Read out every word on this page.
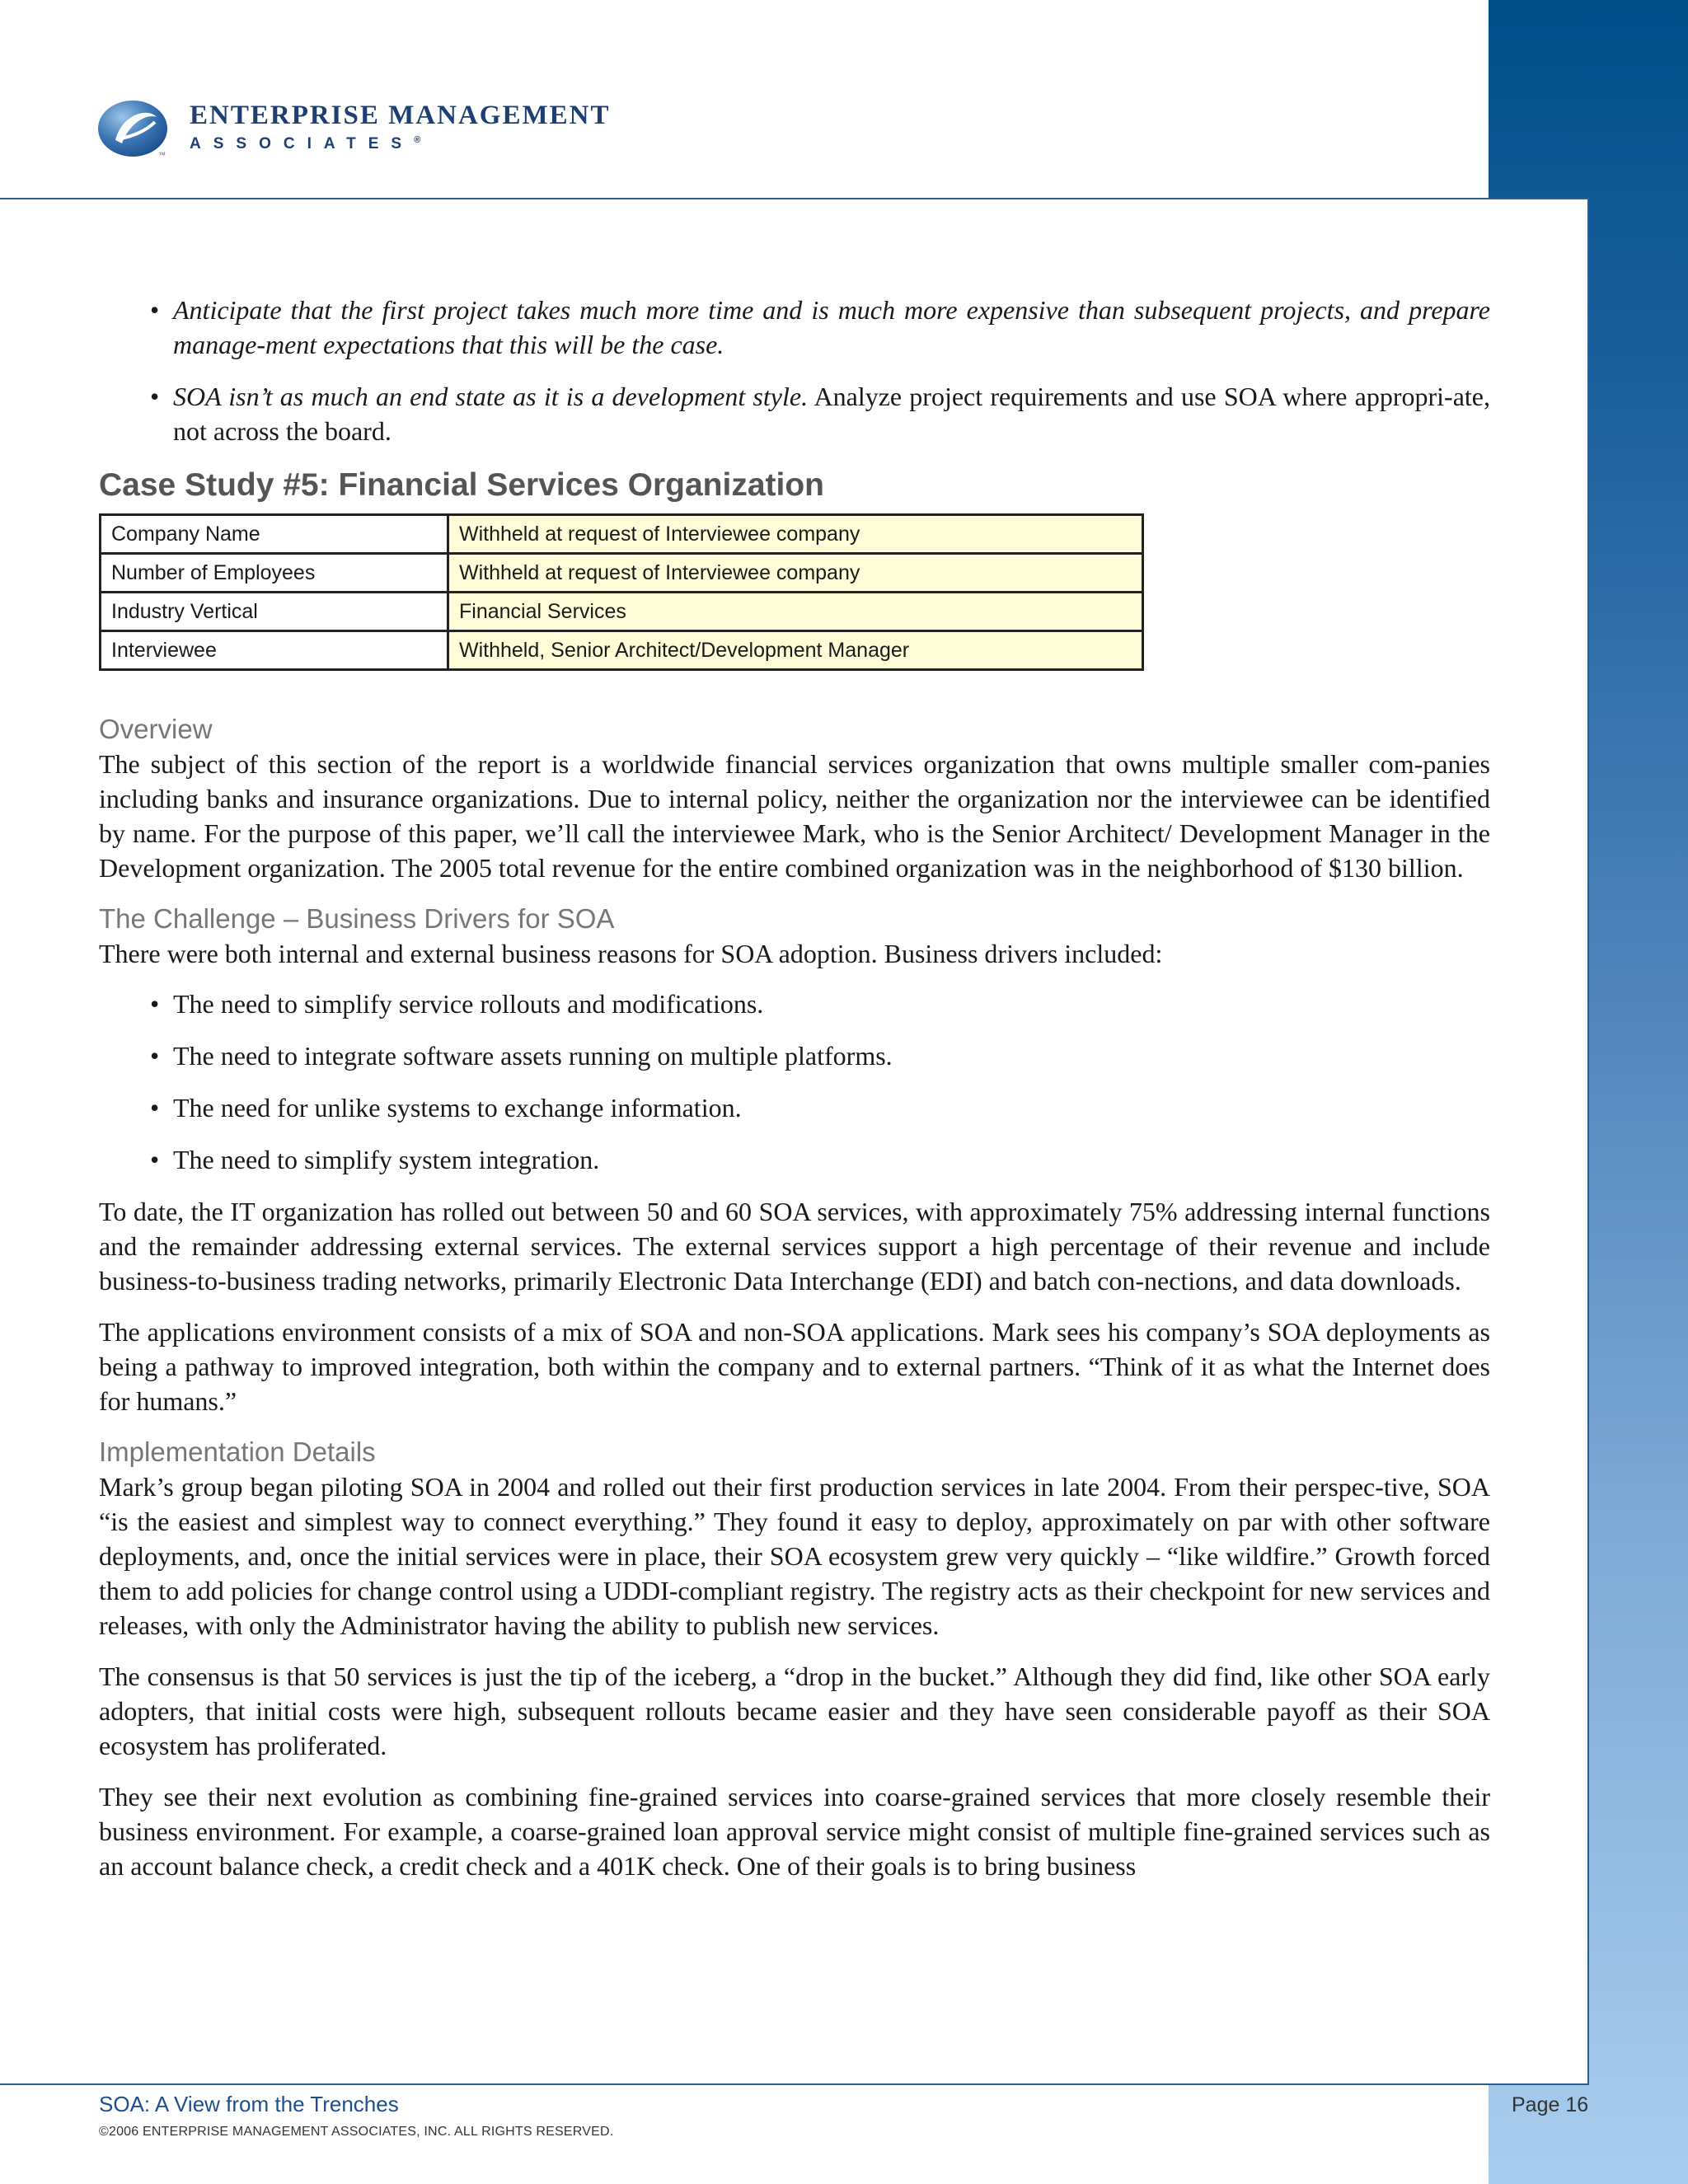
™
ENTERPRISE MANAGEMENT
ASSOCIATES®
• Anticipate that the first project takes much more time and is much more expensive than subsequent projects, and prepare manage-ment expectations that this will be the case.
• SOA isn’t as much an end state as it is a development style. Analyze project requirements and use SOA where appropri-ate, not across the board.
Case Study #5: Financial Services Organization
Company Name	Withheld at request of Interviewee company
Number of Employees	Withheld at request of Interviewee company
Industry Vertical	Financial Services
Interviewee	Withheld, Senior Architect/Development Manager
Overview

The subject of this section of the report is a worldwide financial services organization that owns multiple smaller com-panies including banks and insurance organizations. Due to internal policy, neither the organization nor the interviewee can be identified by name. For the purpose of this paper, we’ll call the interviewee Mark, who is the Senior Architect/ Development Manager in the Development organization. The 2005 total revenue for the entire combined organization was in the neighborhood of $130 billion.

The Challenge – Business Drivers for SOA

There were both internal and external business reasons for SOA adoption. Business drivers included:

• The need to simplify service rollouts and modifications.
• The need to integrate software assets running on multiple platforms.
• The need for unlike systems to exchange information.
• The need to simplify system integration.

To date, the IT organization has rolled out between 50 and 60 SOA services, with approximately 75% addressing internal functions and the remainder addressing external services. The external services support a high percentage of their revenue and include business-to-business trading networks, primarily Electronic Data Interchange (EDI) and batch con-nections, and data downloads.

The applications environment consists of a mix of SOA and non-SOA applications. Mark sees his company’s SOA deployments as being a pathway to improved integration, both within the company and to external partners. “Think of it as what the Internet does for humans.”

Implementation Details

Mark’s group began piloting SOA in 2004 and rolled out their first production services in late 2004. From their perspec-tive, SOA “is the easiest and simplest way to connect everything.” They found it easy to deploy, approximately on par with other software deployments, and, once the initial services were in place, their SOA ecosystem grew very quickly – “like wildfire.” Growth forced them to add policies for change control using a UDDI-compliant registry. The registry acts as their checkpoint for new services and releases, with only the Administrator having the ability to publish new services.

The consensus is that 50 services is just the tip of the iceberg, a “drop in the bucket.” Although they did find, like other SOA early adopters, that initial costs were high, subsequent rollouts became easier and they have seen considerable payoff as their SOA ecosystem has proliferated.

They see their next evolution as combining fine-grained services into coarse-grained services that more closely resemble their business environment. For example, a coarse-grained loan approval service might consist of multiple fine-grained services such as an account balance check, a credit check and a 401K check. One of their goals is to bring business

SOA: A View from the Trenches
©2006 ENTERPRISE MANAGEMENT ASSOCIATES, INC. ALL RIGHTS RESERVED.
Page 16
